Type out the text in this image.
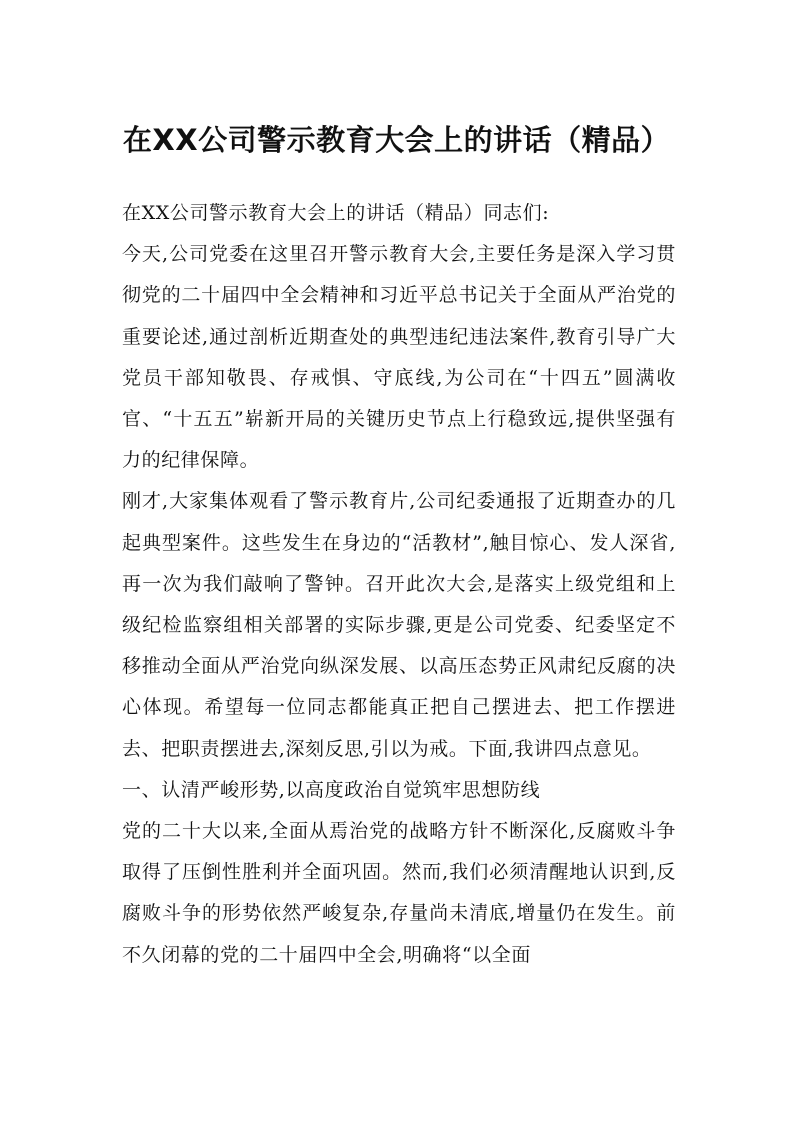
在XX公司警示教育大会上的讲话（精品）

在XX公司警示教育大会上的讲话（精品）同志们:

今天,公司党委在这里召开警示教育大会,主要任务是深入学习贯彻党的二十届四中全会精神和习近平总书记关于全面从严治党的重要论述,通过剖析近期查处的典型违纪违法案件,教育引导广大党员干部知敬畏、存戒惧、守底线,为公司在“十四五”圆满收官、“十五五”崭新开局的关键历史节点上行稳致远,提供坚强有力的纪律保障。

刚才,大家集体观看了警示教育片,公司纪委通报了近期查办的几起典型案件。这些发生在身边的“活教材”,触目惊心、发人深省,再一次为我们敲响了警钟。召开此次大会,是落实上级党组和上级纪检监察组相关部署的实际步骤,更是公司党委、纪委坚定不移推动全面从严治党向纵深发展、以高压态势正风肃纪反腐的决心体现。希望每一位同志都能真正把自己摆进去、把工作摆进去、把职责摆进去,深刻反思,引以为戒。下面,我讲四点意见。

一、认清严峻形势,以高度政治自觉筑牢思想防线

党的二十大以来,全面从焉治党的战略方针不断深化,反腐败斗争取得了压倒性胜利并全面巩固。然而,我们必须清醒地认识到,反腐败斗争的形势依然严峻复杂,存量尚未清底,增量仍在发生。前不久闭幕的党的二十届四中全会,明确将“以全面
